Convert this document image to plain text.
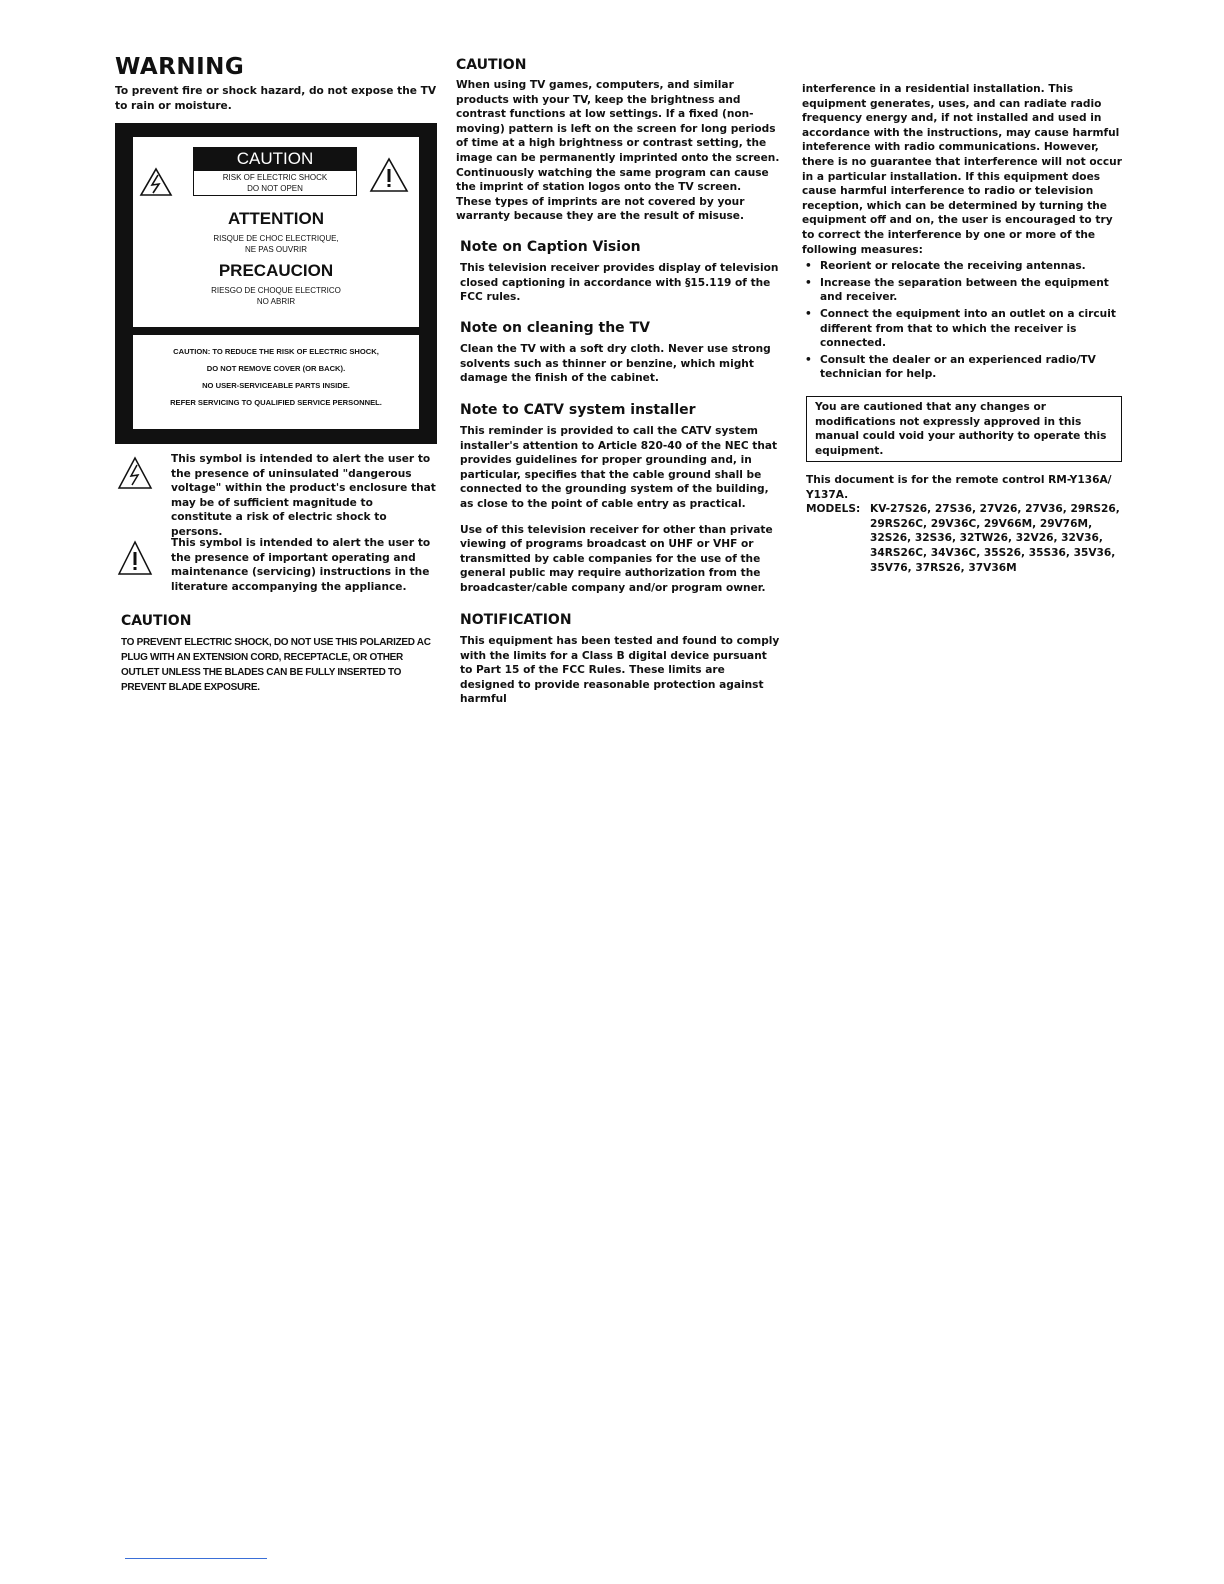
WARNING

To prevent fire or shock hazard, do not expose the TV to rain or moisture.

CAUTION
RISK OF ELECTRIC SHOCK
DO NOT OPEN
ATTENTION
RISQUE DE CHOC ELECTRIQUE,
NE PAS OUVRIR
PRECAUCION
RIESGO DE CHOQUE ELECTRICO
NO ABRIR

CAUTION: TO REDUCE THE RISK OF ELECTRIC SHOCK,

DO NOT REMOVE COVER (OR BACK).

NO USER-SERVICEABLE PARTS INSIDE.

REFER SERVICING TO QUALIFIED SERVICE PERSONNEL.

This symbol is intended to alert the user to the presence of uninsulated "dangerous voltage" within the product's enclosure that may be of sufficient magnitude to constitute a risk of electric shock to persons.

This symbol is intended to alert the user to the presence of important operating and maintenance (servicing) instructions in the literature accompanying the appliance.

CAUTION

TO PREVENT ELECTRIC SHOCK, DO NOT USE THIS POLARIZED AC PLUG WITH AN EXTENSION CORD, RECEPTACLE, OR OTHER OUTLET UNLESS THE BLADES CAN BE FULLY INSERTED TO PREVENT BLADE EXPOSURE.

CAUTION

When using TV games, computers, and similar products with your TV, keep the brightness and contrast functions at low settings. If a fixed (non-moving) pattern is left on the screen for long periods of time at a high brightness or contrast setting, the image can be permanently imprinted onto the screen. Continuously watching the same program can cause the imprint of station logos onto the TV screen. These types of imprints are not covered by your warranty because they are the result of misuse.

Note on Caption Vision

This television receiver provides display of television closed captioning in accordance with §15.119 of the FCC rules.

Note on cleaning the TV

Clean the TV with a soft dry cloth. Never use strong solvents such as thinner or benzine, which might damage the finish of the cabinet.

Note to CATV system installer

This reminder is provided to call the CATV system installer's attention to Article 820-40 of the NEC that provides guidelines for proper grounding and, in particular, specifies that the cable ground shall be connected to the grounding system of the building, as close to the point of cable entry as practical.

Use of this television receiver for other than private viewing of programs broadcast on UHF or VHF or transmitted by cable companies for the use of the general public may require authorization from the broadcaster/cable company and/or program owner.

NOTIFICATION

This equipment has been tested and found to comply with the limits for a Class B digital device pursuant to Part 15 of the FCC Rules. These limits are designed to provide reasonable protection against harmful

interference in a residential installation. This equipment generates, uses, and can radiate radio frequency energy and, if not installed and used in accordance with the instructions, may cause harmful inteference with radio communications. However, there is no guarantee that interference will not occur in a particular installation. If this equipment does cause harmful interference to radio or television reception, which can be determined by turning the equipment off and on, the user is encouraged to try to correct the interference by one or more of the following measures:

• Reorient or relocate the receiving antennas.
• Increase the separation between the equipment and receiver.
• Connect the equipment into an outlet on a circuit different from that to which the receiver is connected.
• Consult the dealer or an experienced radio/TV technician for help.

You are cautioned that any changes or modifications not expressly approved in this manual could void your authority to operate this equipment.

This document is for the remote control RM-Y136A/ Y137A.

MODELS: KV-27S26, 27S36, 27V26, 27V36, 29RS26, 29RS26C, 29V36C, 29V66M, 29V76M, 32S26, 32S36, 32TW26, 32V26, 32V36, 34RS26C, 34V36C, 35S26, 35S36, 35V36, 35V76, 37RS26, 37V36M
